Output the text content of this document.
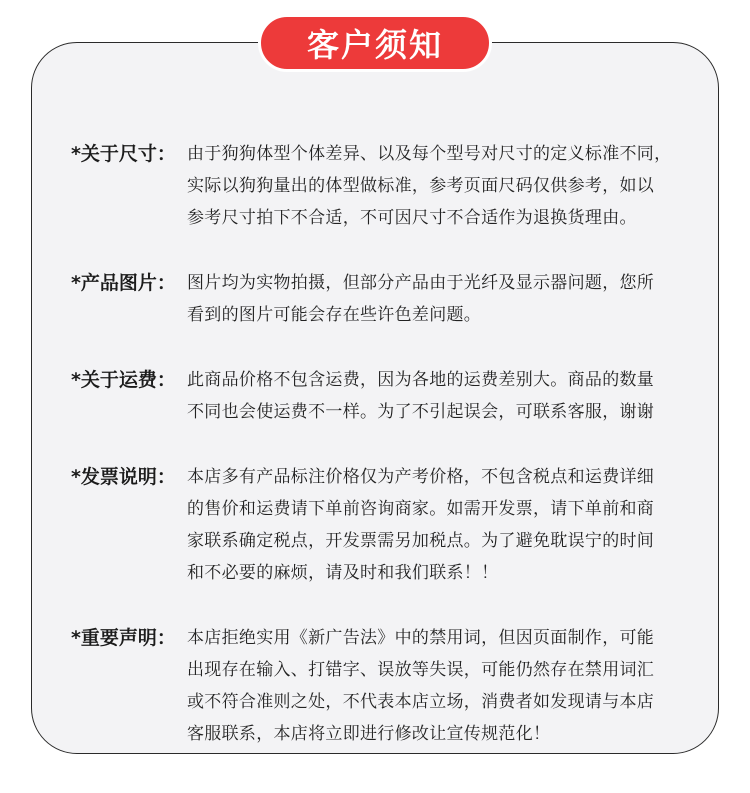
客户须知
*关于尺寸： 由于狗狗体型个体差异、以及每个型号对尺寸的定义标准不同，
实际以狗狗量出的体型做标准，参考页面尺码仅供参考，如以
参考尺寸拍下不合适，不可因尺寸不合适作为退换货理由。
*产品图片： 图片均为实物拍摄，但部分产品由于光纤及显示器问题，您所
看到的图片可能会存在些许色差问题。
*关于运费： 此商品价格不包含运费，因为各地的运费差别大。商品的数量
不同也会使运费不一样。为了不引起误会，可联系客服，谢谢
*发票说明： 本店多有产品标注价格仅为产考价格，不包含税点和运费详细
的售价和运费请下单前咨询商家。如需开发票，请下单前和商
家联系确定税点，开发票需另加税点。为了避免耽误宁的时间
和不必要的麻烦，请及时和我们联系！！
*重要声明： 本店拒绝实用《新广告法》中的禁用词，但因页面制作，可能
出现存在输入、打错字、误放等失误，可能仍然存在禁用词汇
或不符合准则之处，不代表本店立场，消费者如发现请与本店
客服联系，本店将立即进行修改让宣传规范化！
